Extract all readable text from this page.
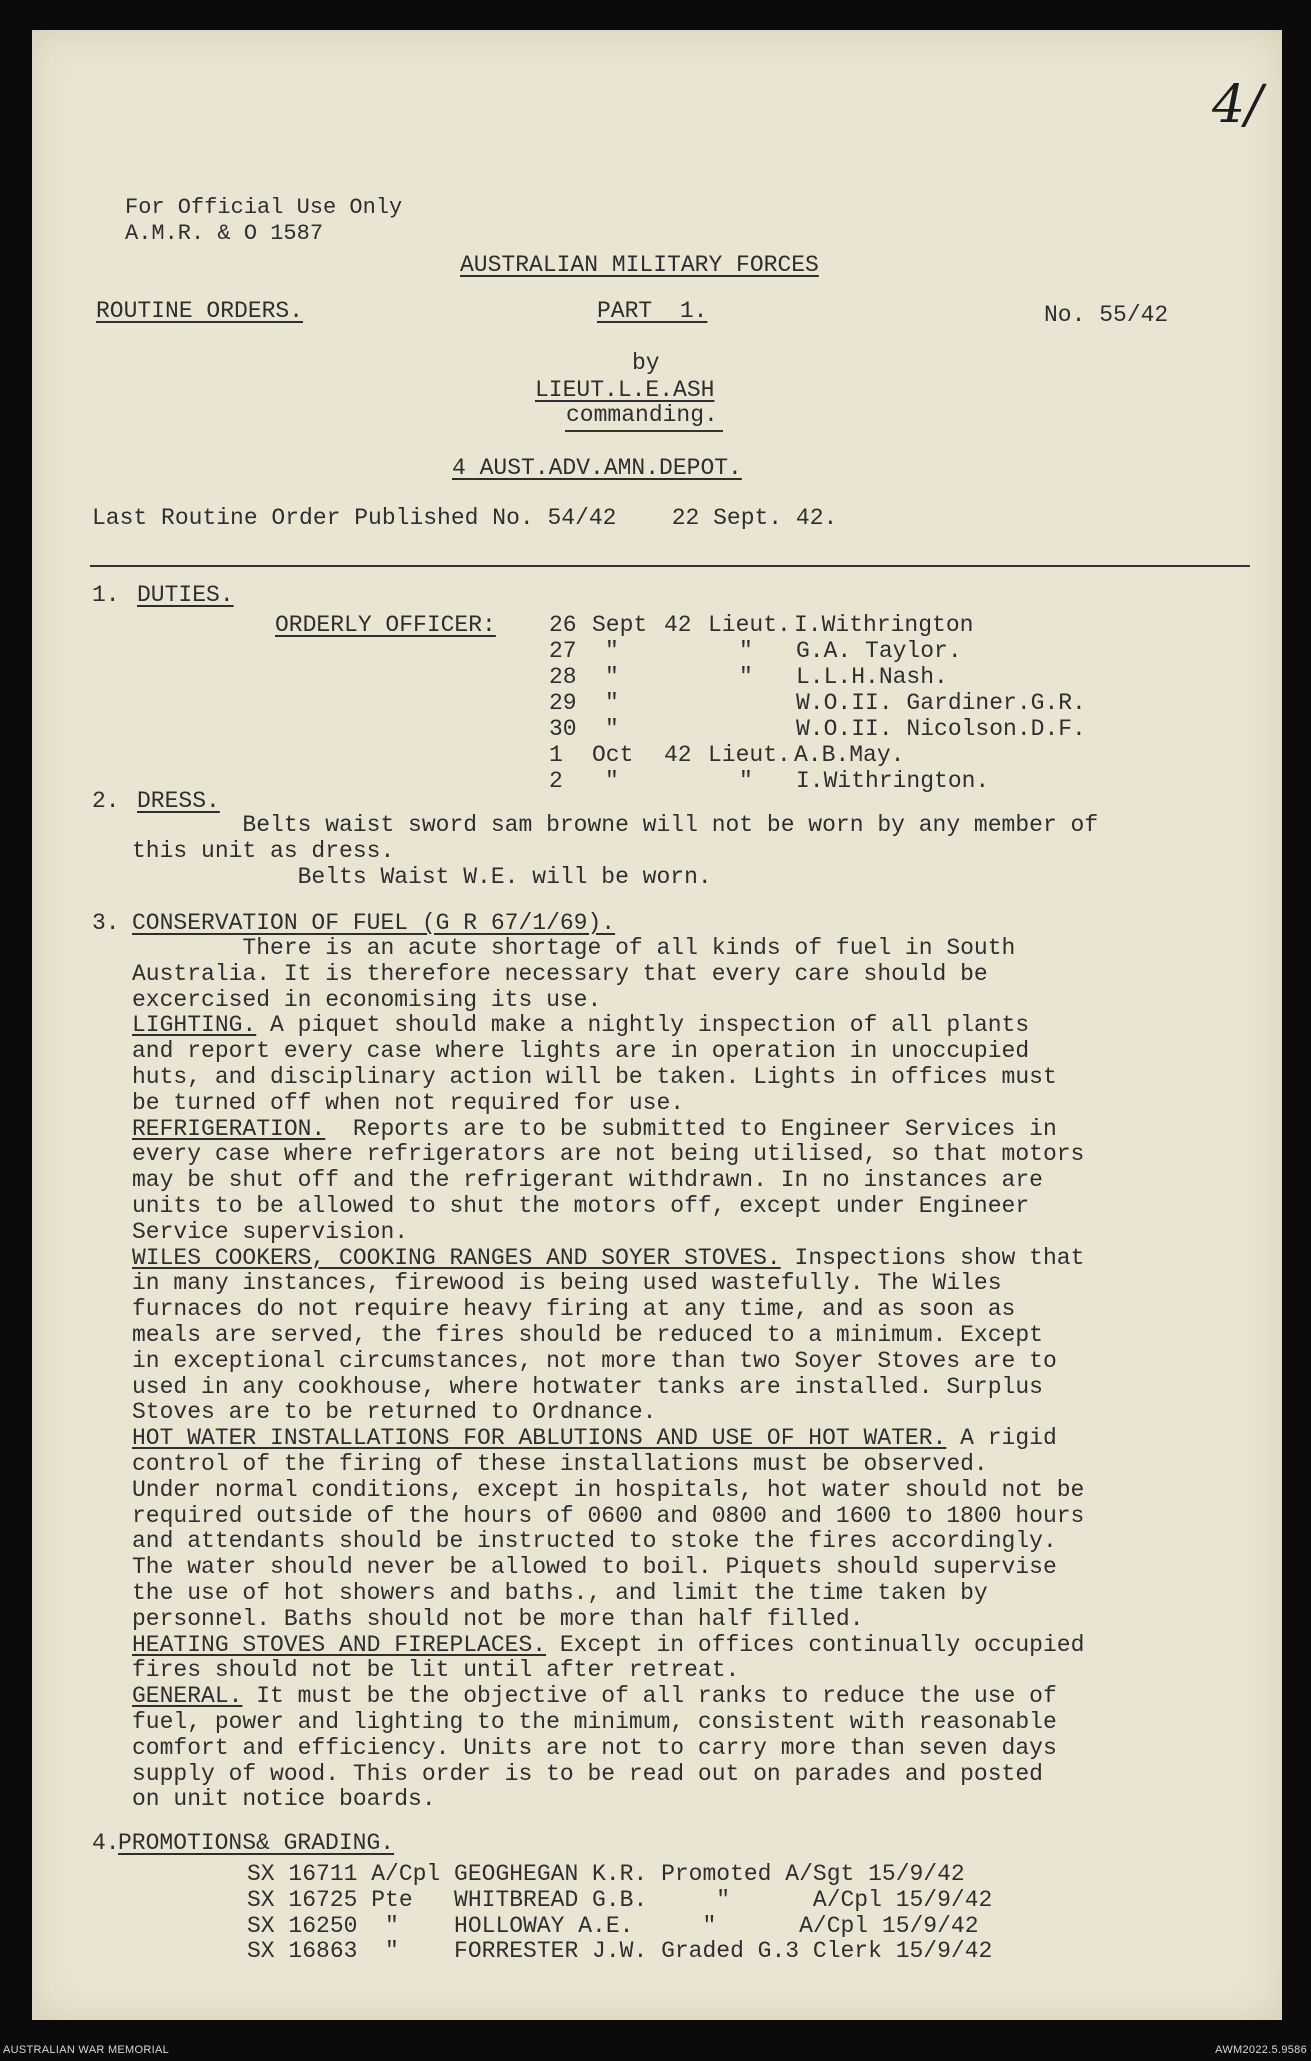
4/
For Official Use Only
A.M.R. & O 1587
AUSTRALIAN MILITARY FORCES
ROUTINE ORDERS.	PART  1.	No. 55/42
by
LIEUT.L.E.ASH
commanding.
4 AUST.ADV.AMN.DEPOT.
Last Routine Order Published No. 54/42    22 Sept. 42.
1. DUTIES.
ORDERLY OFFICER: 26 Sept 42 Lieut. I.Withrington
27 "	" G.A. Taylor.
28 "	" L.L.H.Nash.
29 "	W.O.II. Gardiner.G.R.
30 "	W.O.II. Nicolson.D.F.
1 Oct 42 Lieut. A.B.May.
2 "	" I.Withrington.
2. DRESS.
Belts waist sword sam browne will not be worn by any member of
this unit as dress.
Belts Waist W.E. will be worn.
3. CONSERVATION OF FUEL (G R 67/1/69).
There is an acute shortage of all kinds of fuel in South
Australia. It is therefore necessary that every care should be
excercised in economising its use.
LIGHTING. A piquet should make a nightly inspection of all plants
and report every case where lights are in operation in unoccupied
huts, and disciplinary action will be taken. Lights in offices must
be turned off when not required for use.
REFRIGERATION.  Reports are to be submitted to Engineer Services in
every case where refrigerators are not being utilised, so that motors
may be shut off and the refrigerant withdrawn. In no instances are
units to be allowed to shut the motors off, except under Engineer
Service supervision.
WILES COOKERS, COOKING RANGES AND SOYER STOVES. Inspections show that
in many instances, firewood is being used wastefully. The Wiles
furnaces do not require heavy firing at any time, and as soon as
meals are served, the fires should be reduced to a minimum. Except
in exceptional circumstances, not more than two Soyer Stoves are to
used in any cookhouse, where hotwater tanks are installed. Surplus
Stoves are to be returned to Ordnance.
HOT WATER INSTALLATIONS FOR ABLUTIONS AND USE OF HOT WATER. A rigid
control of the firing of these installations must be observed.
Under normal conditions, except in hospitals, hot water should not be
required outside of the hours of 0600 and 0800 and 1600 to 1800 hours
and attendants should be instructed to stoke the fires accordingly.
The water should never be allowed to boil. Piquets should supervise
the use of hot showers and baths., and limit the time taken by
personnel. Baths should not be more than half filled.
HEATING STOVES AND FIREPLACES. Except in offices continually occupied
fires should not be lit until after retreat.
GENERAL. It must be the objective of all ranks to reduce the use of
fuel, power and lighting to the minimum, consistent with reasonable
comfort and efficiency. Units are not to carry more than seven days
supply of wood. This order is to be read out on parades and posted
on unit notice boards.
4.
PROMOTIONS& GRADING.
SX 16711 A/Cpl GEOGHEGAN K.R. Promoted A/Sgt 15/9/42
SX 16725 Pte   WHITBREAD G.B.     "      A/Cpl 15/9/42
SX 16250  "    HOLLOWAY A.E.     "      A/Cpl 15/9/42
SX 16863  "    FORRESTER J.W. Graded G.3 Clerk 15/9/42
AUSTRALIAN WAR MEMORIAL	AWM2022.5.9586
